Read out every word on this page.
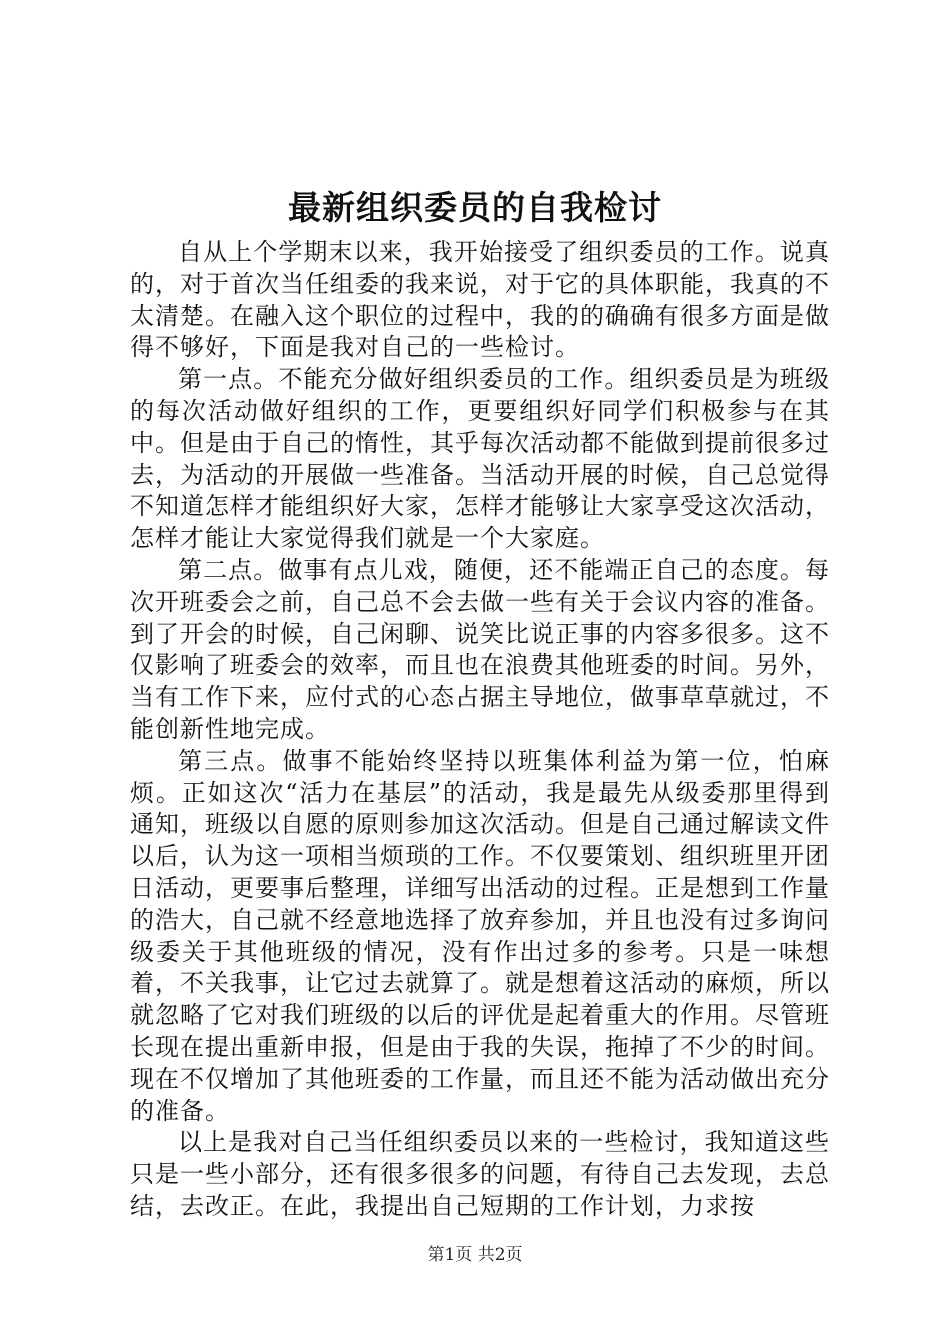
最新组织委员的自我检讨

自从上个学期末以来，我开始接受了组织委员的工作。说真的，对于首次当任组委的我来说，对于它的具体职能，我真的不太清楚。在融入这个职位的过程中，我的的确确有很多方面是做得不够好，下面是我对自己的一些检讨。

第一点。不能充分做好组织委员的工作。组织委员是为班级的每次活动做好组织的工作，更要组织好同学们积极参与在其中。但是由于自己的惰性，其乎每次活动都不能做到提前很多过去，为活动的开展做一些准备。当活动开展的时候，自己总觉得不知道怎样才能组织好大家，怎样才能够让大家享受这次活动，怎样才能让大家觉得我们就是一个大家庭。

第二点。做事有点儿戏，随便，还不能端正自己的态度。每次开班委会之前，自己总不会去做一些有关于会议内容的准备。到了开会的时候，自己闲聊、说笑比说正事的内容多很多。这不仅影响了班委会的效率，而且也在浪费其他班委的时间。另外，当有工作下来，应付式的心态占据主导地位，做事草草就过，不能创新性地完成。

第三点。做事不能始终坚持以班集体利益为第一位，怕麻烦。正如这次“活力在基层”的活动，我是最先从级委那里得到通知，班级以自愿的原则参加这次活动。但是自己通过解读文件以后，认为这一项相当烦琐的工作。不仅要策划、组织班里开团日活动，更要事后整理，详细写出活动的过程。正是想到工作量的浩大，自己就不经意地选择了放弃参加，并且也没有过多询问级委关于其他班级的情况，没有作出过多的参考。只是一味想着，不关我事，让它过去就算了。就是想着这活动的麻烦，所以就忽略了它对我们班级的以后的评优是起着重大的作用。尽管班长现在提出重新申报，但是由于我的失误，拖掉了不少的时间。现在不仅增加了其他班委的工作量，而且还不能为活动做出充分的准备。

以上是我对自己当任组织委员以来的一些检讨，我知道这些只是一些小部分，还有很多很多的问题，有待自己去发现，去总结，去改正。在此，我提出自己短期的工作计划，力求按

第1页 共2页
